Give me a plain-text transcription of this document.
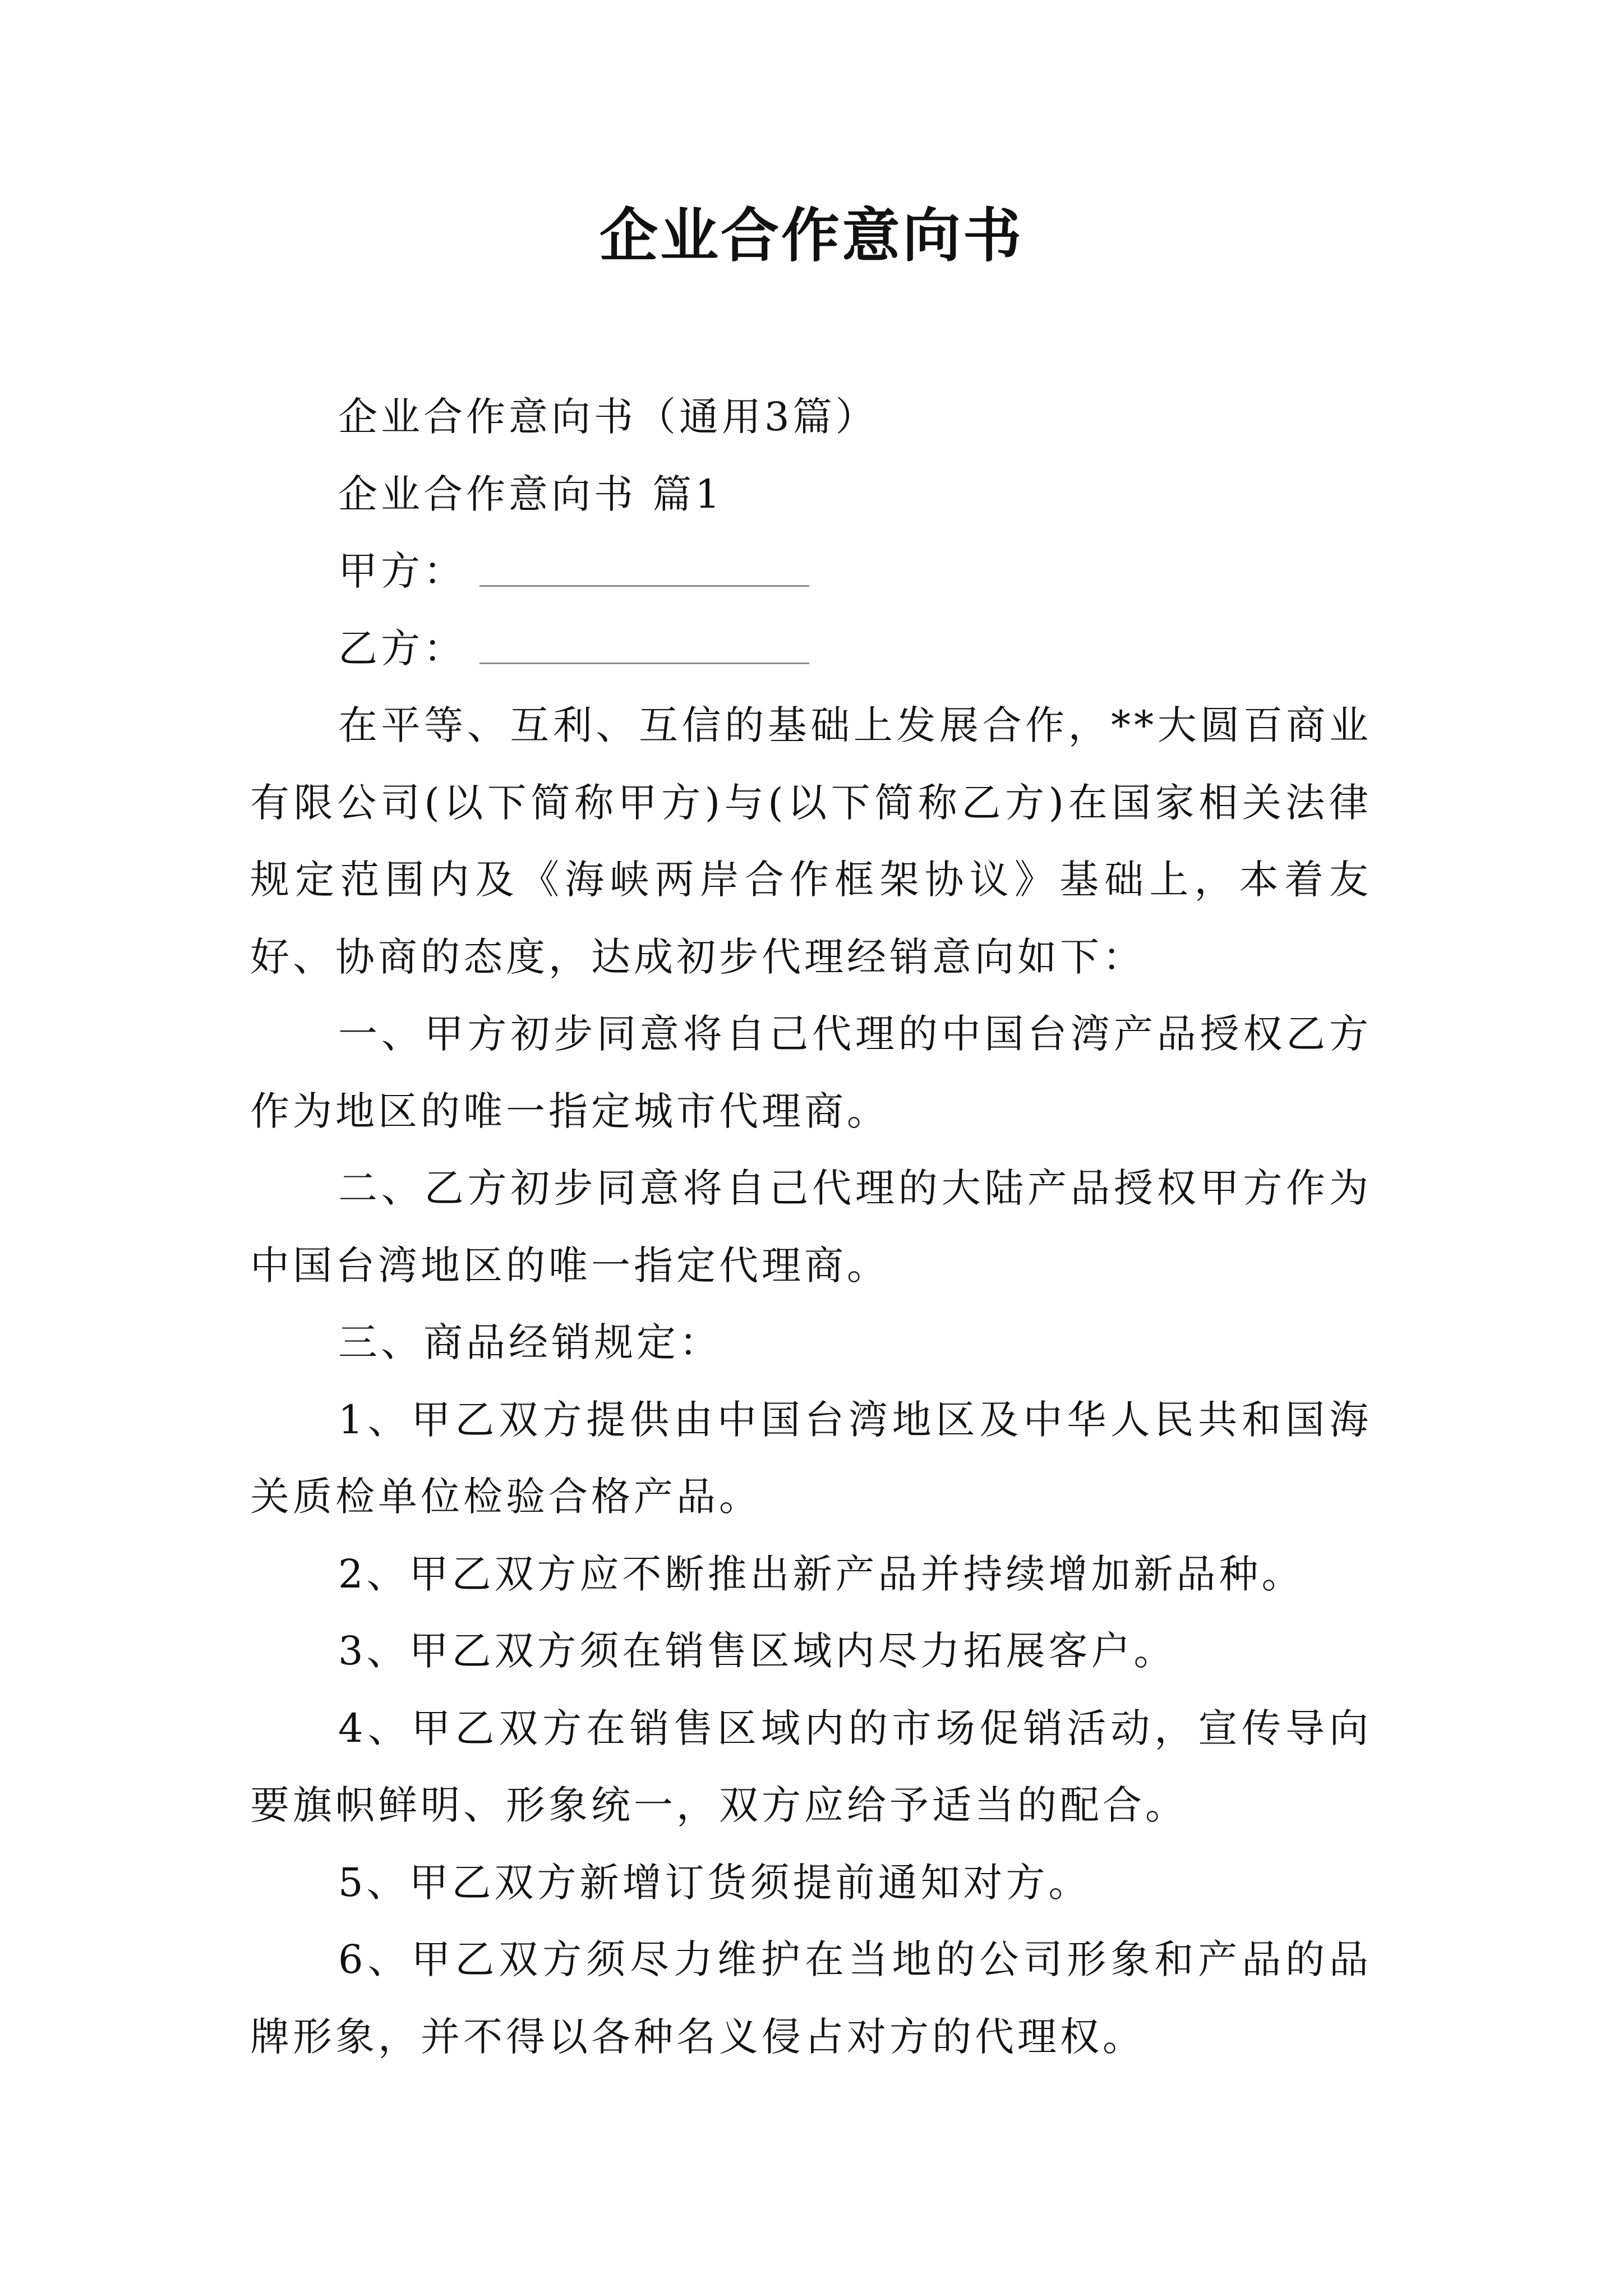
企业合作意向书

企业合作意向书（通用3篇）

企业合作意向书 篇1

甲方：

乙方：

在平等、互利、互信的基础上发展合作，**大圆百商业有限公司(以下简称甲方)与(以下简称乙方)在国家相关法律规定范围内及《海峡两岸合作框架协议》基础上，本着友好、协商的态度，达成初步代理经销意向如下：

一、甲方初步同意将自己代理的中国台湾产品授权乙方作为地区的唯一指定城市代理商。

二、乙方初步同意将自己代理的大陆产品授权甲方作为中国台湾地区的唯一指定代理商。

三、商品经销规定：

1、甲乙双方提供由中国台湾地区及中华人民共和国海关质检单位检验合格产品。

2、甲乙双方应不断推出新产品并持续增加新品种。

3、甲乙双方须在销售区域内尽力拓展客户。

4、甲乙双方在销售区域内的市场促销活动，宣传导向要旗帜鲜明、形象统一，双方应给予适当的配合。

5、甲乙双方新增订货须提前通知对方。

6、甲乙双方须尽力维护在当地的公司形象和产品的品牌形象，并不得以各种名义侵占对方的代理权。
